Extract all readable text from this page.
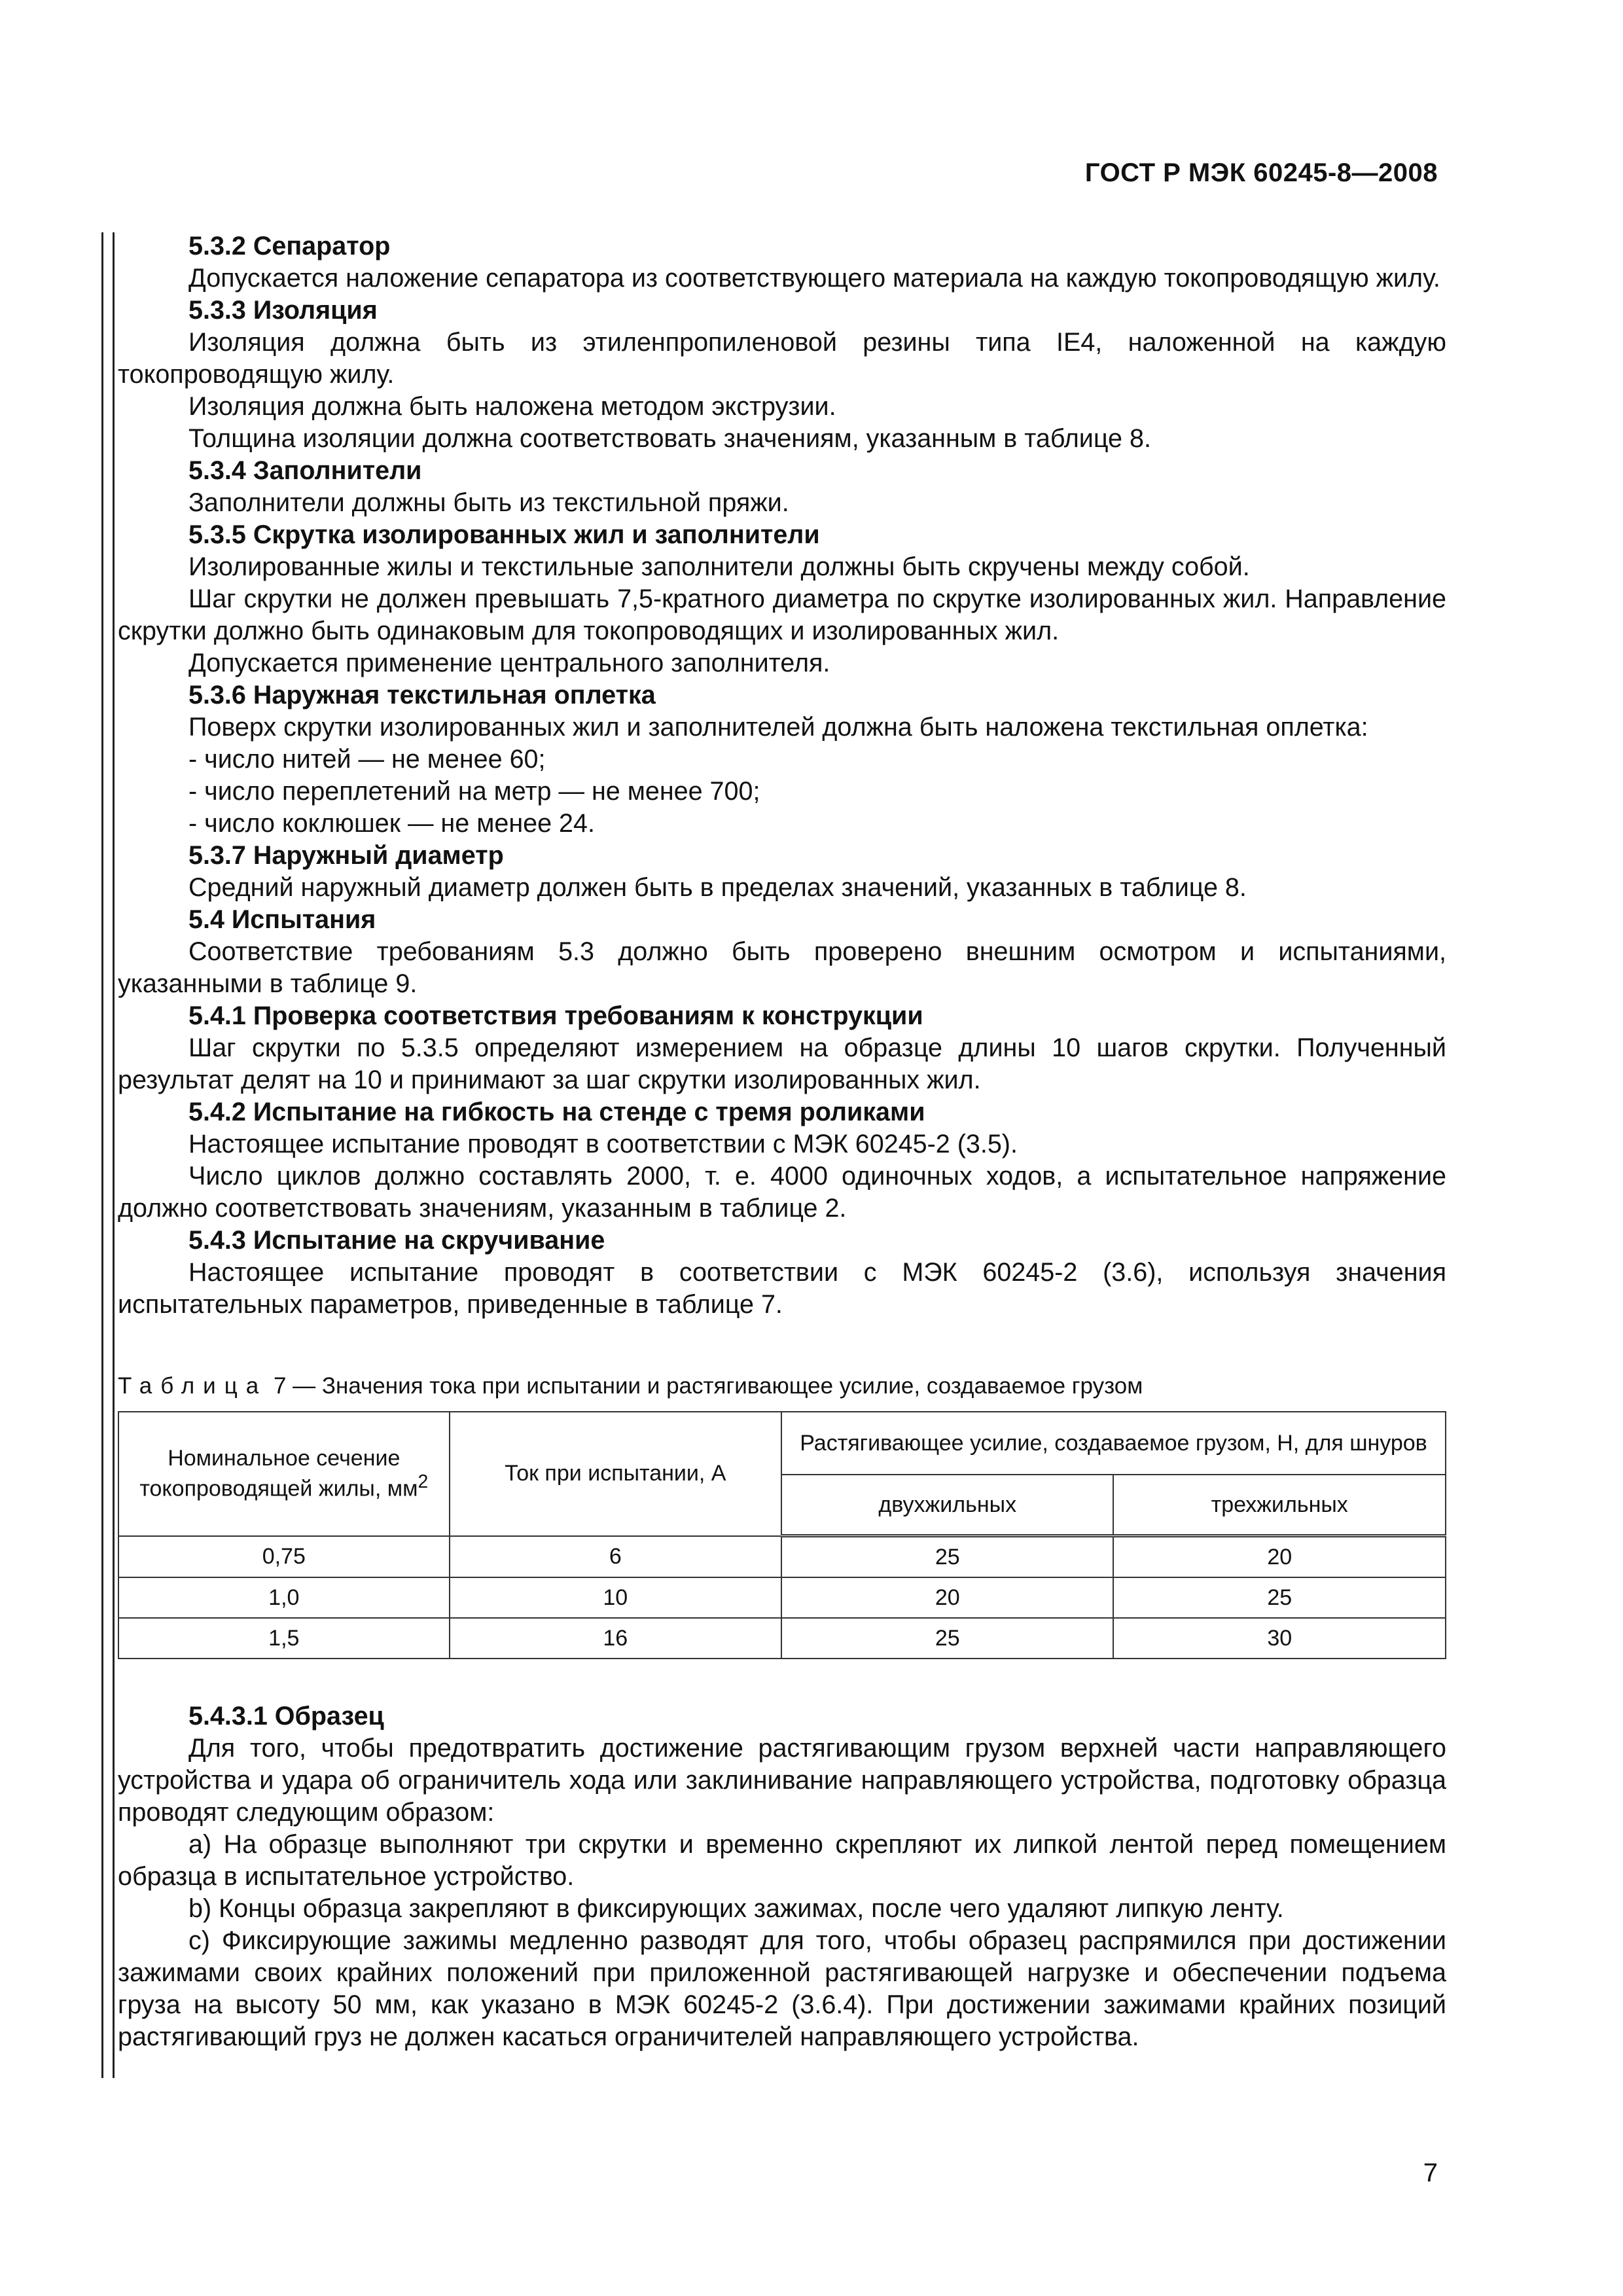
ГОСТ Р МЭК 60245-8—2008

5.3.2 Сепаратор

Допускается наложение сепаратора из соответствующего материала на каждую токопроводящую жилу.

5.3.3 Изоляция

Изоляция должна быть из этиленпропиленовой резины типа IE4, наложенной на каждую токопроводящую жилу.

Изоляция должна быть наложена методом экструзии.

Толщина изоляции должна соответствовать значениям, указанным в таблице 8.

5.3.4 Заполнители

Заполнители должны быть из текстильной пряжи.

5.3.5 Скрутка изолированных жил и заполнители

Изолированные жилы и текстильные заполнители должны быть скручены между собой.

Шаг скрутки не должен превышать 7,5-кратного диаметра по скрутке изолированных жил. Направление скрутки должно быть одинаковым для токопроводящих и изолированных жил.

Допускается применение центрального заполнителя.

5.3.6 Наружная текстильная оплетка

Поверх скрутки изолированных жил и заполнителей должна быть наложена текстильная оплетка:

- число нитей — не менее 60;

- число переплетений на метр — не менее 700;

- число коклюшек — не менее 24.

5.3.7 Наружный диаметр

Средний наружный диаметр должен быть в пределах значений, указанных в таблице 8.

5.4 Испытания

Соответствие требованиям 5.3 должно быть проверено внешним осмотром и испытаниями, указанными в таблице 9.

5.4.1 Проверка соответствия требованиям к конструкции

Шаг скрутки по 5.3.5 определяют измерением на образце длины 10 шагов скрутки. Полученный результат делят на 10 и принимают за шаг скрутки изолированных жил.

5.4.2 Испытание на гибкость на стенде с тремя роликами

Настоящее испытание проводят в соответствии с МЭК 60245-2 (3.5).

Число циклов должно составлять 2000, т. е. 4000 одиночных ходов, а испытательное напряжение должно соответствовать значениям, указанным в таблице 2.

5.4.3 Испытание на скручивание

Настоящее испытание проводят в соответствии с МЭК 60245-2 (3.6), используя значения испытательных параметров, приведенные в таблице 7.

Таблица 7 — Значения тока при испытании и растягивающее усилие, создаваемое грузом

Номинальное сечение токопроводящей жилы, $мм^2$	Ток при испытании, А	Растягивающее усилие, создаваемое грузом, Н, для шнуров	
		двухжильных	трехжильных
0,75	6	25	20
1,0	10	20	25
1,5	16	25	30

5.4.3.1 Образец

Для того, чтобы предотвратить достижение растягивающим грузом верхней части направляющего устройства и удара об ограничитель хода или заклинивание направляющего устройства, подготовку образца проводят следующим образом:

а) На образце выполняют три скрутки и временно скрепляют их липкой лентой перед помещением образца в испытательное устройство.

b) Концы образца закрепляют в фиксирующих зажимах, после чего удаляют липкую ленту.

с) Фиксирующие зажимы медленно разводят для того, чтобы образец распрямился при достижении зажимами своих крайних положений при приложенной растягивающей нагрузке и обеспечении подъема груза на высоту 50 мм, как указано в МЭК 60245-2 (3.6.4). При достижении зажимами крайних позиций растягивающий груз не должен касаться ограничителей направляющего устройства.

7
